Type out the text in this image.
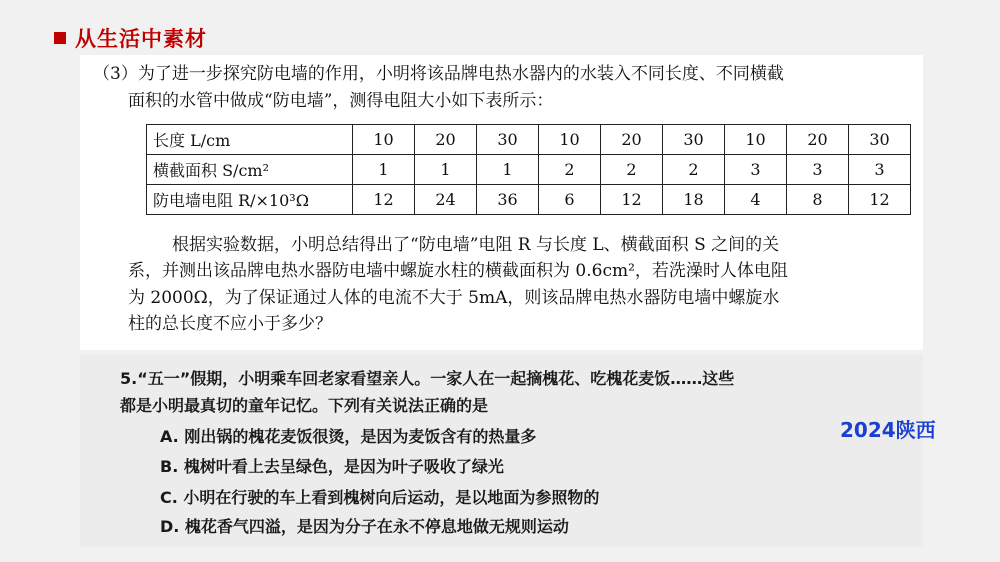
从生活中素材
（3）为了进一步探究防电墙的作用，小明将该品牌电热水器内的水装入不同长度、不同横截
面积的水管中做成“防电墙”，测得电阻大小如下表所示：
长度 L/cm	10	20	30	10	20	30	10	20	30
横截面积 S/cm²	1	1	1	2	2	2	3	3	3
防电墙电阻 R/×10³Ω	12	24	36	6	12	18	4	8	12
根据实验数据，小明总结得出了“防电墙”电阻 R 与长度 L、横截面积 S 之间的关
系，并测出该品牌电热水器防电墙中螺旋水柱的横截面积为 0.6cm²，若洗澡时人体电阻
为 2000Ω，为了保证通过人体的电流不大于 5mA，则该品牌电热水器防电墙中螺旋水
柱的总长度不应小于多少？
5.“五一”假期，小明乘车回老家看望亲人。一家人在一起摘槐花、吃槐花麦饭……这些
都是小明最真切的童年记忆。下列有关说法正确的是
A. 刚出锅的槐花麦饭很烫，是因为麦饭含有的热量多
B. 槐树叶看上去呈绿色，是因为叶子吸收了绿光
C. 小明在行驶的车上看到槐树向后运动，是以地面为参照物的
D. 槐花香气四溢，是因为分子在永不停息地做无规则运动
2024陕西
